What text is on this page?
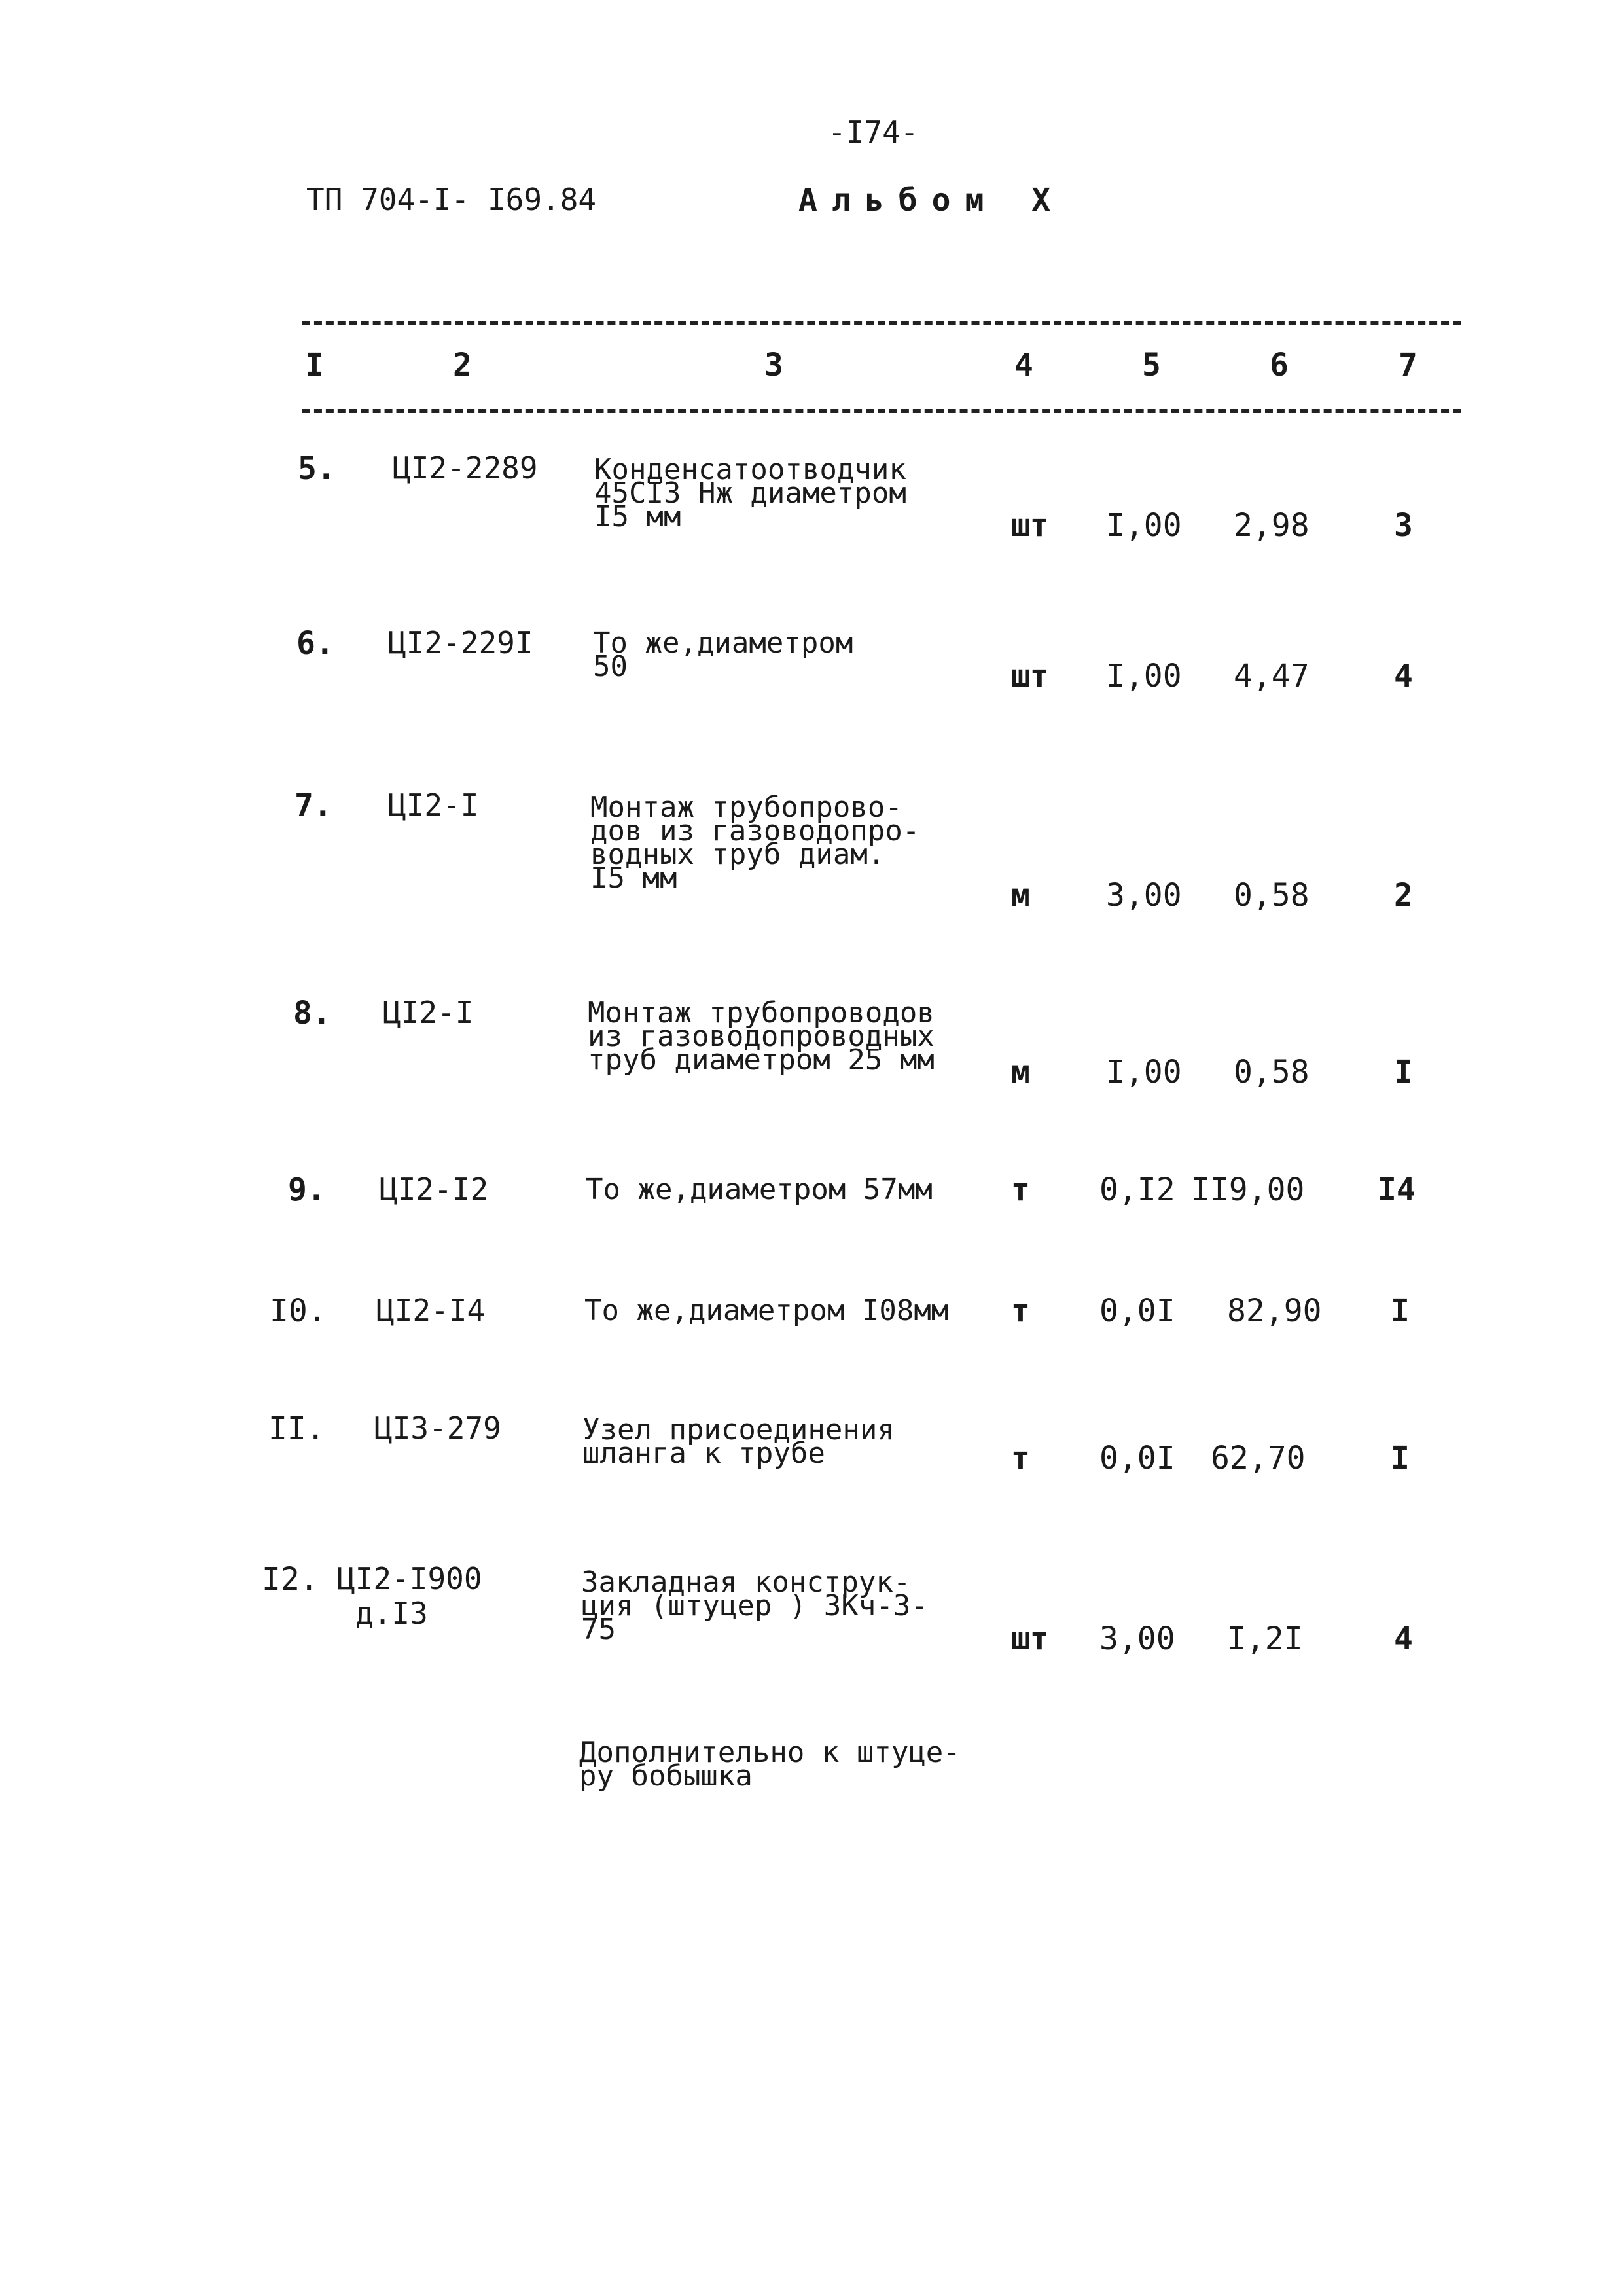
-I74-
ТП 704-I- I69.84	Альбом Х
I	2	3	4	5	6	7
5. ЦI2-2289 Конденсатоотводчик
45СI3 Нж диаметром
I5 мм	шт I,00 2,98	3
6. ЦI2-229I То же,диаметром
50	шт I,00 4,47	4
7. ЦI2-I	Монтаж трубопрово-
дов из газоводопро-
водных труб диам.
I5 мм	м 3,00 0,58	2
8. ЦI2-I	Монтаж трубопроводов
из газоводопроводных
труб диаметром 25 мм м I,00 0,58	I
9. ЦI2-I2	То же,диаметром 57мм	т 0,I2 II9,00 I4
I0. ЦI2-I4	То же,диаметром I08мм т 0,0I 82,90 I
II. ЦI3-279	Узел присоединения
шланга к трубе	т 0,0I 62,70	I
I2. ЦI2-I900
д.I3
Закладная конструк-
ция (штуцер ) ЗКч-3-
75	шт 3,00 I,2I	4
Дополнительно к штуце-
ру бобышка
